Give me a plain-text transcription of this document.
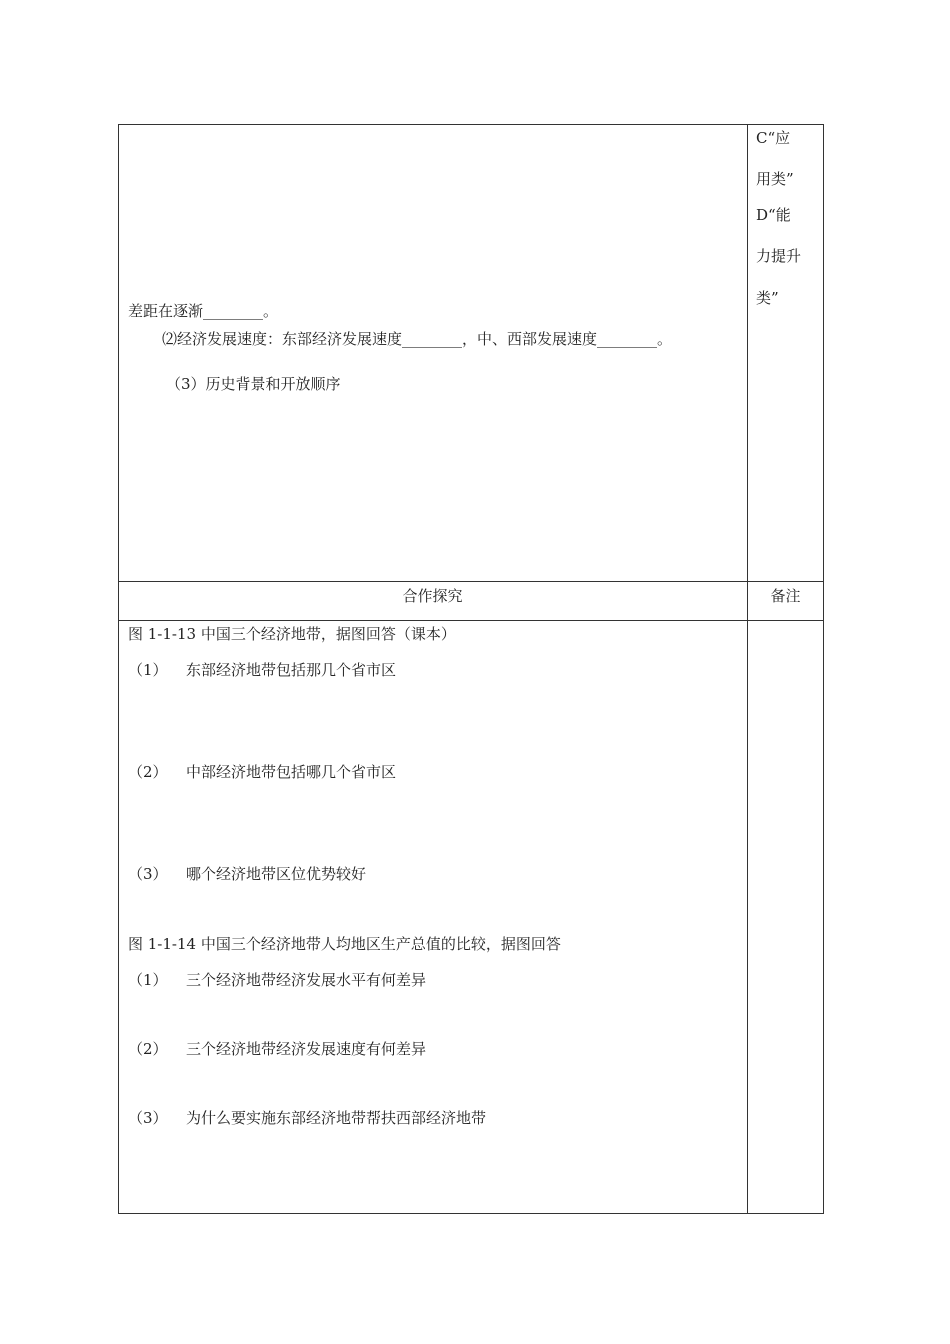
差距在逐渐________。
⑵经济发展速度：东部经济发展速度________，中、西部发展速度________。
（3）历史背景和开放顺序
C“应
用类”
D“能
力提升
类”
合作探究	备注
图 1-1-13 中国三个经济地带，据图回答（课本）
（1） 东部经济地带包括那几个省市区
（2） 中部经济地带包括哪几个省市区
（3） 哪个经济地带区位优势较好
图 1-1-14 中国三个经济地带人均地区生产总值的比较，据图回答
（1） 三个经济地带经济发展水平有何差异
（2） 三个经济地带经济发展速度有何差异
（3） 为什么要实施东部经济地带帮扶西部经济地带
